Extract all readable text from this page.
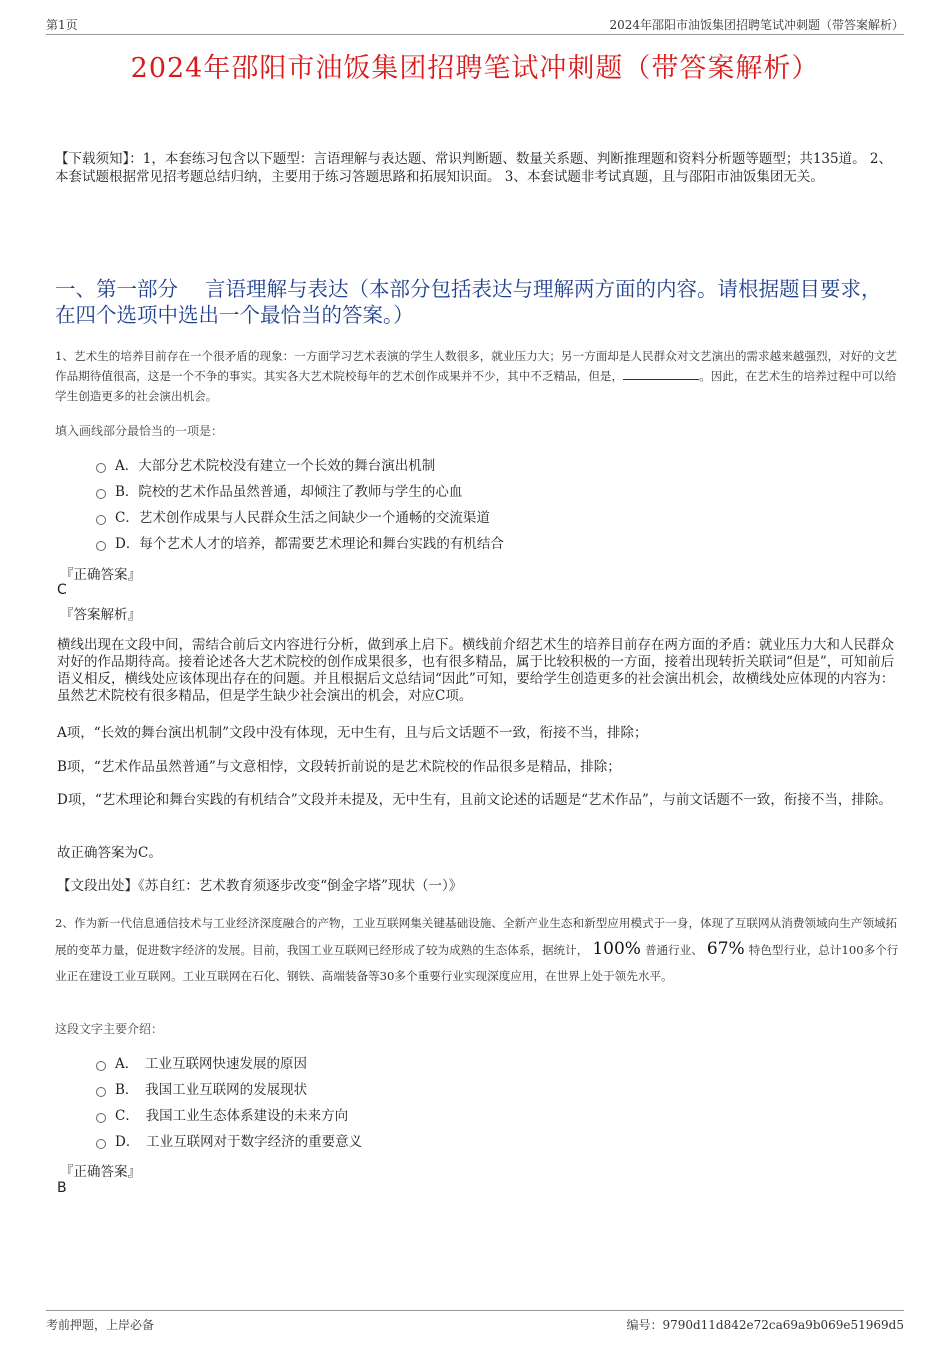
第1页	2024年邵阳市油饭集团招聘笔试冲刺题（带答案解析）
2024年邵阳市油饭集团招聘笔试冲刺题（带答案解析）
【下载须知】：1，本套练习包含以下题型：言语理解与表达题、常识判断题、数量关系题、判断推理题和资料分析题等题型；共135道。 2、本套试题根据常见招考题总结归纳，主要用于练习答题思路和拓展知识面。 3、本套试题非考试真题，且与邵阳市油饭集团无关。
一、第一部分　 言语理解与表达（本部分包括表达与理解两方面的内容。请根据题目要求，在四个选项中选出一个最恰当的答案。）
1、艺术生的培养目前存在一个很矛盾的现象：一方面学习艺术表演的学生人数很多，就业压力大；另一方面却是人民群众对文艺演出的需求越来越强烈，对好的文艺作品期待值很高，这是一个不争的事实。其实各大艺术院校每年的艺术创作成果并不少，其中不乏精品，但是，	。因此，在艺术生的培养过程中可以给学生创造更多的社会演出机会。
填入画线部分最恰当的一项是：
A．大部分艺术院校没有建立一个长效的舞台演出机制
B．院校的艺术作品虽然普通，却倾注了教师与学生的心血
C．艺术创作成果与人民群众生活之间缺少一个通畅的交流渠道
D．每个艺术人才的培养，都需要艺术理论和舞台实践的有机结合
『正确答案』
C
『答案解析』
横线出现在文段中间，需结合前后文内容进行分析，做到承上启下。横线前介绍艺术生的培养目前存在两方面的矛盾：就业压力大和人民群众对好的作品期待高。接着论述各大艺术院校的创作成果很多，也有很多精品，属于比较积极的一方面，接着出现转折关联词“但是”，可知前后语义相反，横线处应该体现出存在的问题。并且根据后文总结词“因此”可知，要给学生创造更多的社会演出机会，故横线处应体现的内容为：虽然艺术院校有很多精品，但是学生缺少社会演出的机会，对应C项。
A项，“长效的舞台演出机制”文段中没有体现，无中生有，且与后文话题不一致，衔接不当，排除；
B项，“艺术作品虽然普通”与文意相悖，文段转折前说的是艺术院校的作品很多是精品，排除；
D项，“艺术理论和舞台实践的有机结合”文段并未提及，无中生有，且前文论述的话题是“艺术作品”，与前文话题不一致，衔接不当，排除。
故正确答案为C。
【文段出处】《苏自红：艺术教育须逐步改变“倒金字塔”现状（一）》
2、作为新一代信息通信技术与工业经济深度融合的产物，工业互联网集关键基础设施、全新产业生态和新型应用模式于一身，体现了互联网从消费领域向生产领域拓展的变革力量，促进数字经济的发展。目前，我国工业互联网已经形成了较为成熟的生态体系，据统计， 100% 普通行业、 67% 特色型行业，总计100多个行业正在建设工业互联网。工业互联网在石化、钢铁、高端装备等30多个重要行业实现深度应用，在世界上处于领先水平。
这段文字主要介绍：
A．　工业互联网快速发展的原因
B．　我国工业互联网的发展现状
C．　我国工业生态体系建设的未来方向
D．　工业互联网对于数字经济的重要意义
『正确答案』
B
考前押题，上岸必备	编号：9790d11d842e72ca69a9b069e51969d5
